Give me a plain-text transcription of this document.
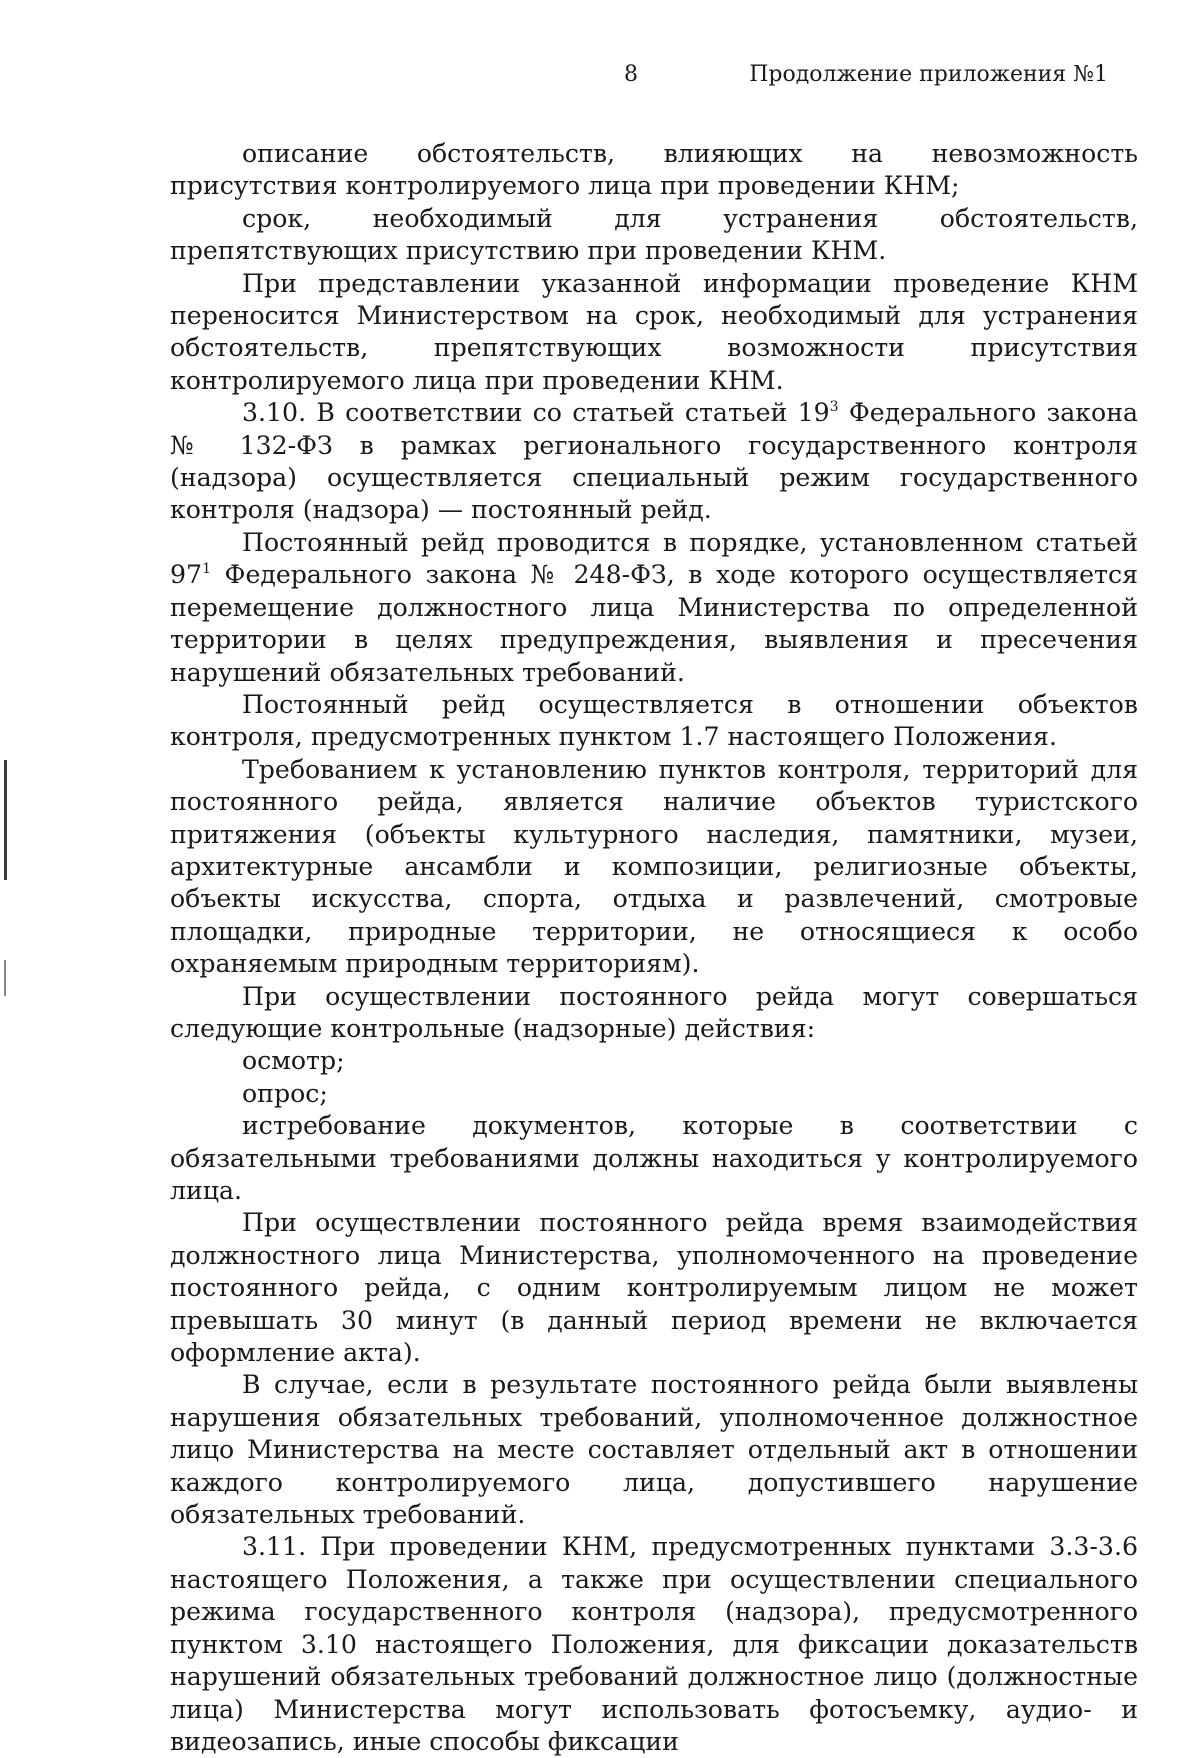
8	Продолжение приложения №1

описание обстоятельств, влияющих на невозможность присутствия контролируемого лица при проведении КНМ;

срок, необходимый для устранения обстоятельств, препятствующих присутствию при проведении КНМ.

При представлении указанной информации проведение КНМ переносится Министерством на срок, необходимый для устранения обстоятельств, препятствующих возможности присутствия контролируемого лица при проведении КНМ.

3.10. В соответствии со статьей статьей $19^3$ Федерального закона № 132-ФЗ в рамках регионального государственного контроля (надзора) осуществляется специальный режим государственного контроля (надзора) — постоянный рейд.

Постоянный рейд проводится в порядке, установленном статьей $97^1$ Федерального закона № 248-ФЗ, в ходе которого осуществляется перемещение должностного лица Министерства по определенной территории в целях предупреждения, выявления и пресечения нарушений обязательных требований.

Постоянный рейд осуществляется в отношении объектов контроля, предусмотренных пунктом 1.7 настоящего Положения.

Требованием к установлению пунктов контроля, территорий для постоянного рейда, является наличие объектов туристского притяжения (объекты культурного наследия, памятники, музеи, архитектурные ансамбли и композиции, религиозные объекты, объекты искусства, спорта, отдыха и развлечений, смотровые площадки, природные территории, не относящиеся к особо охраняемым природным территориям).

При осуществлении постоянного рейда могут совершаться следующие контрольные (надзорные) действия:

осмотр;

опрос;

истребование документов, которые в соответствии с обязательными требованиями должны находиться у контролируемого лица.

При осуществлении постоянного рейда время взаимодействия должностного лица Министерства, уполномоченного на проведение постоянного рейда, с одним контролируемым лицом не может превышать 30 минут (в данный период времени не включается оформление акта).

В случае, если в результате постоянного рейда были выявлены нарушения обязательных требований, уполномоченное должностное лицо Министерства на месте составляет отдельный акт в отношении каждого контролируемого лица, допустившего нарушение обязательных требований.

3.11. При проведении КНМ, предусмотренных пунктами 3.3-3.6 настоящего Положения, а также при осуществлении специального режима государственного контроля (надзора), предусмотренного пунктом 3.10 настоящего Положения, для фиксации доказательств нарушений обязательных требований должностное лицо (должностные лица) Министерства могут использовать фотосъемку, аудио- и видеозапись, иные способы фиксации
